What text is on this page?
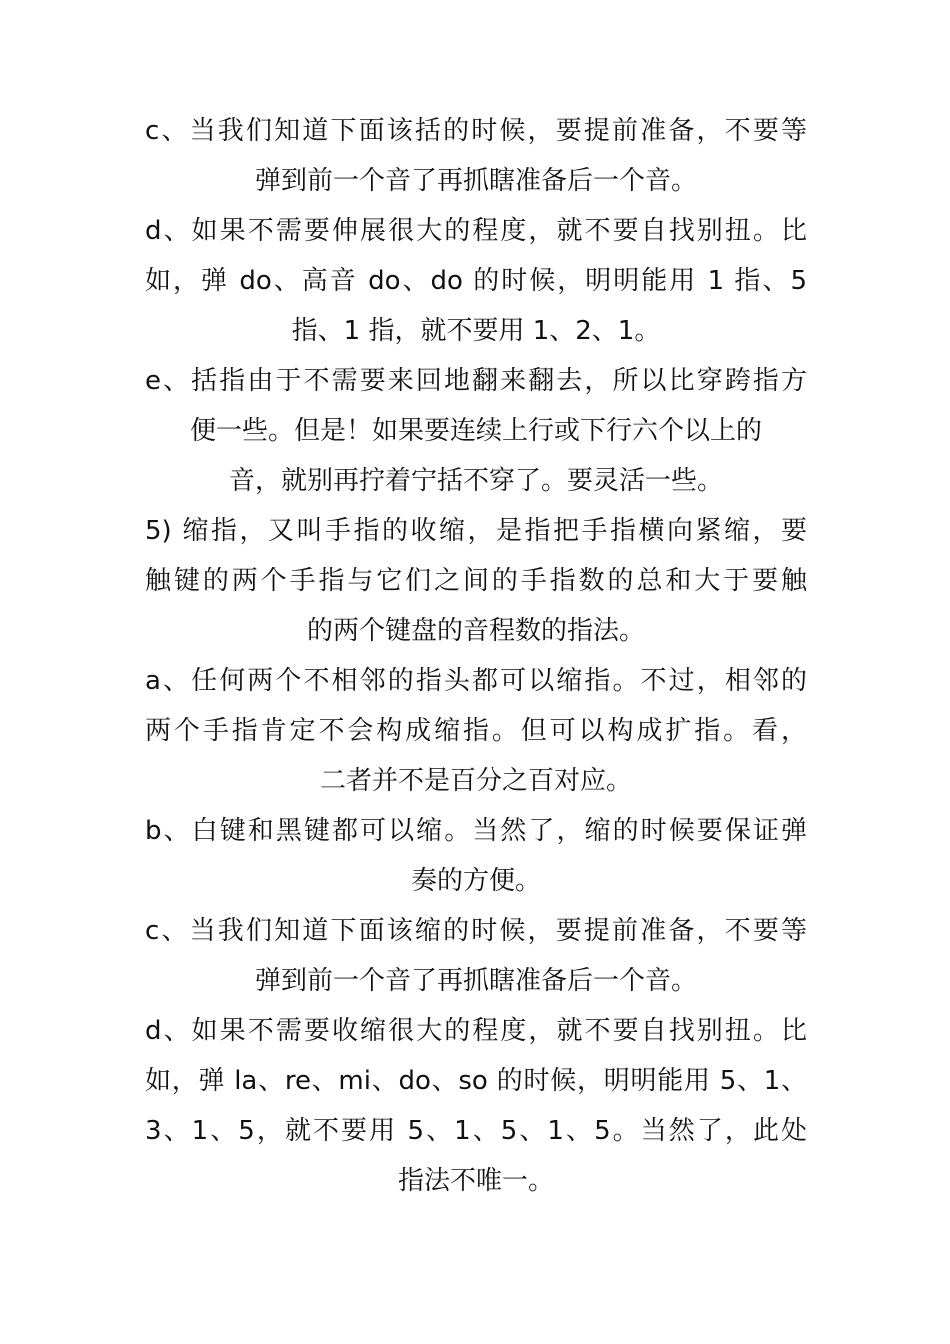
c、当我们知道下面该括的时候，要提前准备，不要等
弹到前一个音了再抓瞎准备后一个音。
d、如果不需要伸展很大的程度，就不要自找别扭。比
如，弹 do、高音 do、do 的时候，明明能用 1 指、5
指、1 指，就不要用 1、2、1。
e、括指由于不需要来回地翻来翻去，所以比穿跨指方
便一些。但是！如果要连续上行或下行六个以上的
音，就别再拧着宁括不穿了。要灵活一些。
5) 缩指，又叫手指的收缩，是指把手指横向紧缩，要
触键的两个手指与它们之间的手指数的总和大于要触
的两个键盘的音程数的指法。
a、任何两个不相邻的指头都可以缩指。不过，相邻的
两个手指肯定不会构成缩指。但可以构成扩指。看，
二者并不是百分之百对应。
b、白键和黑键都可以缩。当然了，缩的时候要保证弹
奏的方便。
c、当我们知道下面该缩的时候，要提前准备，不要等
弹到前一个音了再抓瞎准备后一个音。
d、如果不需要收缩很大的程度，就不要自找别扭。比
如，弹 la、re、mi、do、so 的时候，明明能用 5、1、
3、1、5，就不要用 5、1、5、1、5。当然了，此处
指法不唯一。
